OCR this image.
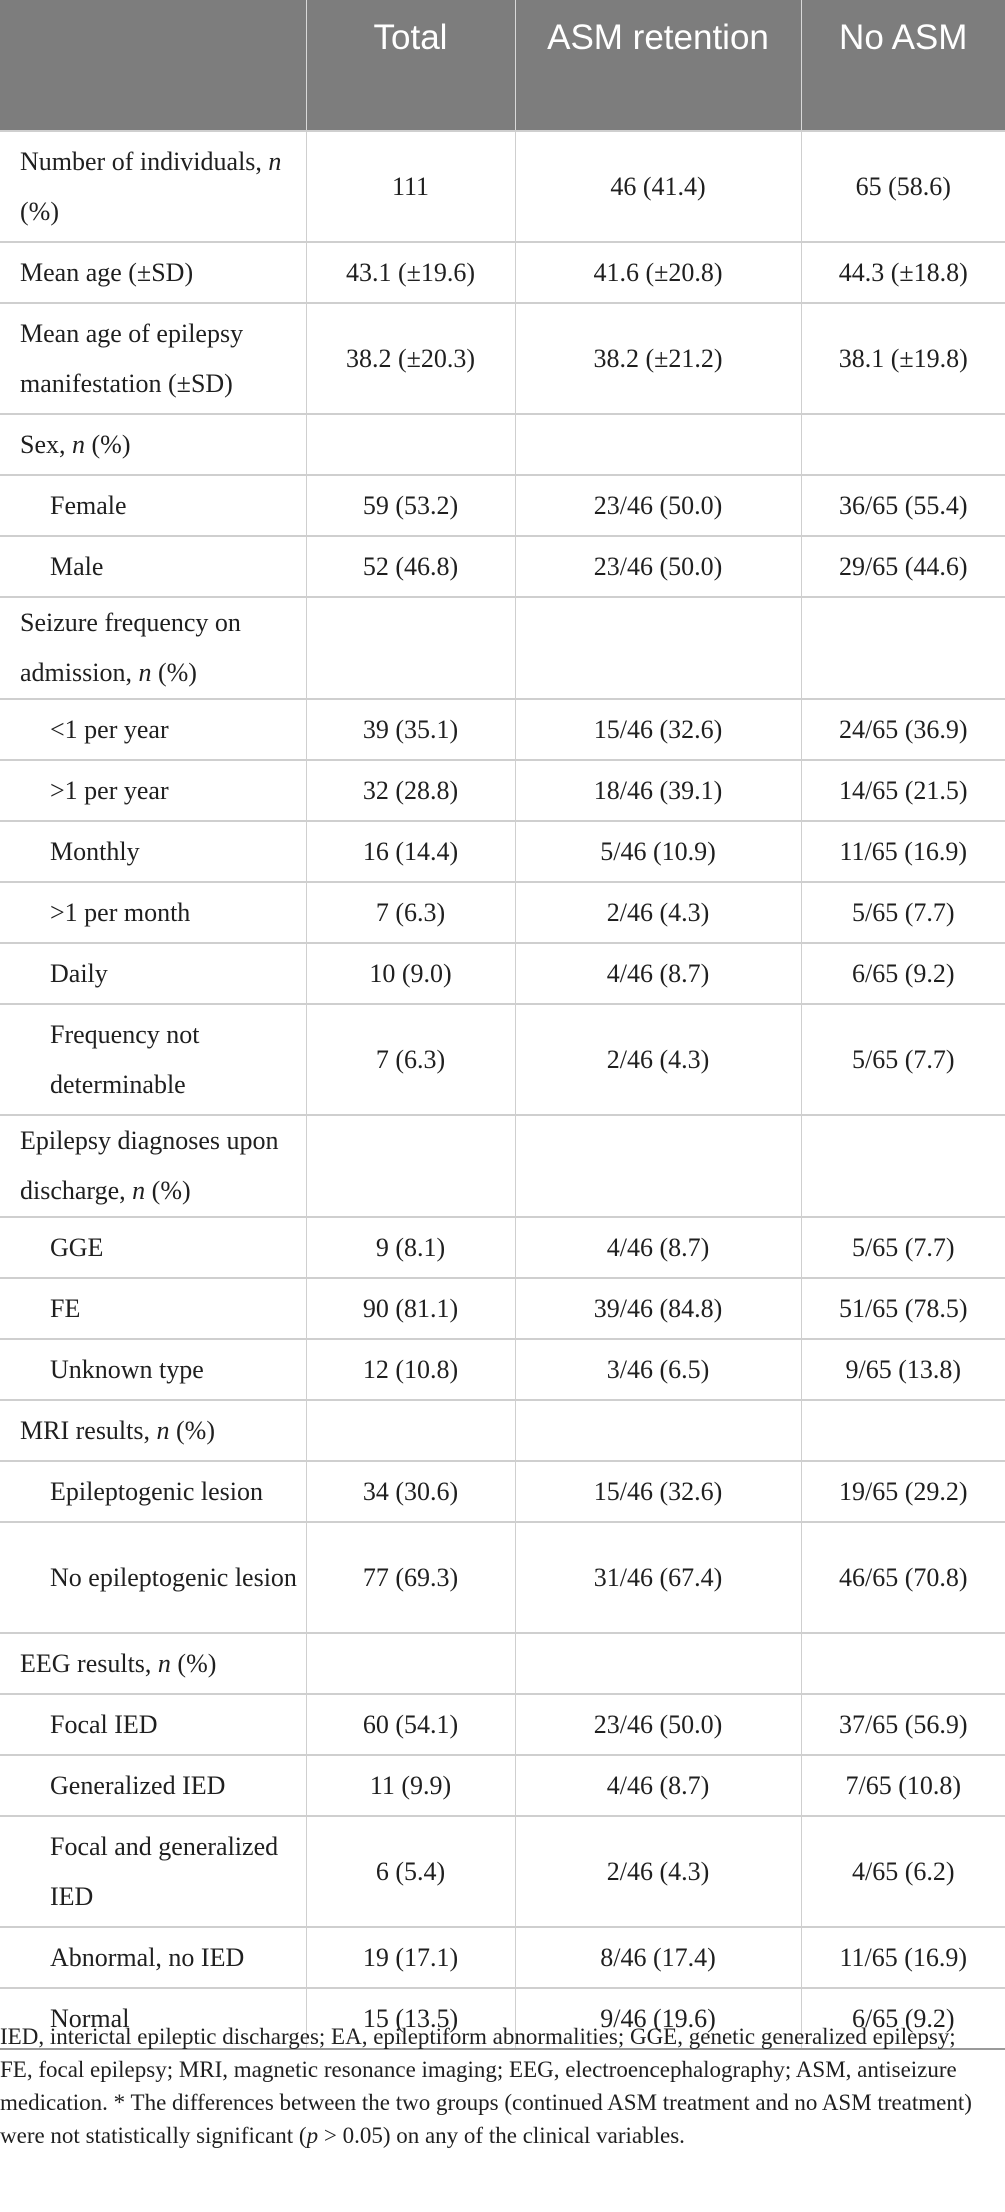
	Total	ASM retention	No ASM
Number of individuals, n (%)	111	46 (41.4)	65 (58.6)
Mean age (±SD)	43.1 (±19.6)	41.6 (±20.8)	44.3 (±18.8)
Mean age of epilepsy manifestation (±SD)	38.2 (±20.3)	38.2 (±21.2)	38.1 (±19.8)
Sex, n (%)			
Female	59 (53.2)	23/46 (50.0)	36/65 (55.4)
Male	52 (46.8)	23/46 (50.0)	29/65 (44.6)
Seizure frequency on admission, n (%)			
<1 per year	39 (35.1)	15/46 (32.6)	24/65 (36.9)
>1 per year	32 (28.8)	18/46 (39.1)	14/65 (21.5)
Monthly	16 (14.4)	5/46 (10.9)	11/65 (16.9)
>1 per month	7 (6.3)	2/46 (4.3)	5/65 (7.7)
Daily	10 (9.0)	4/46 (8.7)	6/65 (9.2)
Frequency not determinable	7 (6.3)	2/46 (4.3)	5/65 (7.7)
Epilepsy diagnoses upon discharge, n (%)			
GGE	9 (8.1)	4/46 (8.7)	5/65 (7.7)
FE	90 (81.1)	39/46 (84.8)	51/65 (78.5)
Unknown type	12 (10.8)	3/46 (6.5)	9/65 (13.8)
MRI results, n (%)			
Epileptogenic lesion	34 (30.6)	15/46 (32.6)	19/65 (29.2)
No epileptogenic lesion	77 (69.3)	31/46 (67.4)	46/65 (70.8)
EEG results, n (%)			
Focal IED	60 (54.1)	23/46 (50.0)	37/65 (56.9)
Generalized IED	11 (9.9)	4/46 (8.7)	7/65 (10.8)
Focal and generalized IED	6 (5.4)	2/46 (4.3)	4/65 (6.2)
Abnormal, no IED	19 (17.1)	8/46 (17.4)	11/65 (16.9)
Normal	15 (13.5)	9/46 (19.6)	6/65 (9.2)
IED, interictal epileptic discharges; EA, epileptiform abnormalities; GGE, genetic generalized epilepsy; FE, focal epilepsy; MRI, magnetic resonance imaging; EEG, electroencephalography; ASM, antiseizure medication. * The differences between the two groups (continued ASM treatment and no ASM treatment) were not statistically significant (p > 0.05) on any of the clinical variables.
